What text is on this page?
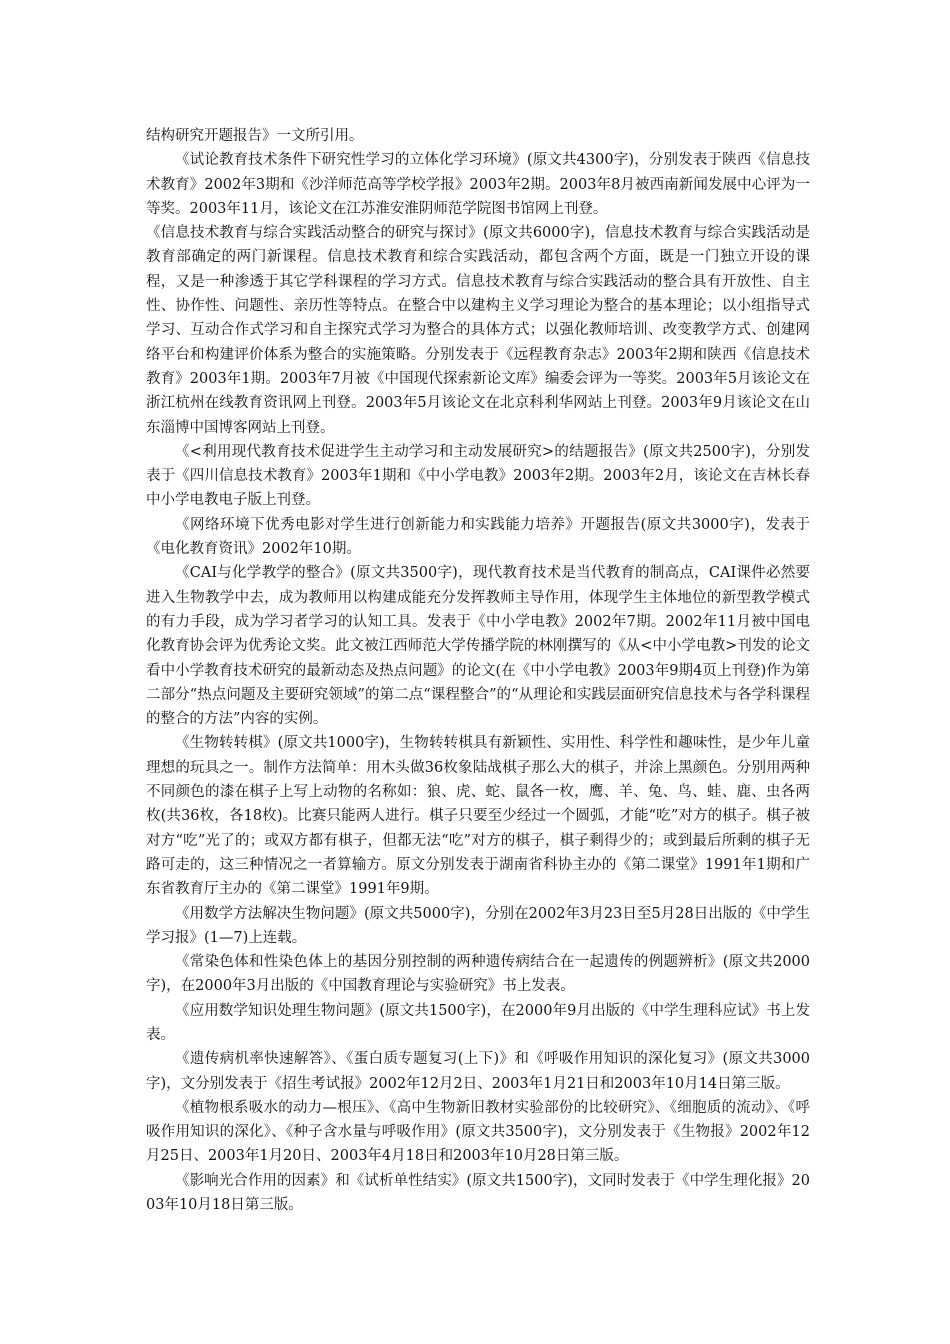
结构研究开题报告》一文所引用。

《试论教育技术条件下研究性学习的立体化学习环境》(原文共4300字)，分别发表于陕西《信息技术教育》2002年3期和《沙洋师范高等学校学报》2003年2期。2003年8月被西南新闻发展中心评为一等奖。2003年11月，该论文在江苏淮安淮阴师范学院图书馆网上刊登。

《信息技术教育与综合实践活动整合的研究与探讨》(原文共6000字)，信息技术教育与综合实践活动是教育部确定的两门新课程。信息技术教育和综合实践活动，都包含两个方面，既是一门独立开设的课程，又是一种渗透于其它学科课程的学习方式。信息技术教育与综合实践活动的整合具有开放性、自主性、协作性、问题性、亲历性等特点。在整合中以建构主义学习理论为整合的基本理论；以小组指导式学习、互动合作式学习和自主探究式学习为整合的具体方式；以强化教师培训、改变教学方式、创建网络平台和构建评价体系为整合的实施策略。分别发表于《远程教育杂志》2003年2期和陕西《信息技术教育》2003年1期。2003年7月被《中国现代探索新论文库》编委会评为一等奖。2003年5月该论文在浙江杭州在线教育资讯网上刊登。2003年5月该论文在北京科利华网站上刊登。2003年9月该论文在山东淄博中国博客网站上刊登。

《<利用现代教育技术促进学生主动学习和主动发展研究>的结题报告》(原文共2500字)，分别发表于《四川信息技术教育》2003年1期和《中小学电教》2003年2期。2003年2月，该论文在吉林长春中小学电教电子版上刊登。

《网络环境下优秀电影对学生进行创新能力和实践能力培养》开题报告(原文共3000字)，发表于《电化教育资讯》2002年10期。

《CAI与化学教学的整合》(原文共3500字)，现代教育技术是当代教育的制高点，CAI课件必然要进入生物教学中去，成为教师用以构建成能充分发挥教师主导作用，体现学生主体地位的新型教学模式的有力手段，成为学习者学习的认知工具。发表于《中小学电教》2002年7期。2002年11月被中国电化教育协会评为优秀论文奖。此文被江西师范大学传播学院的林刚撰写的《从<中小学电教>刊发的论文看中小学教育技术研究的最新动态及热点问题》的论文(在《中小学电教》2003年9期4页上刊登)作为第二部分“热点问题及主要研究领域”的第二点“课程整合”的“从理论和实践层面研究信息技术与各学科课程的整合的方法”内容的实例。

《生物转转棋》(原文共1000字)，生物转转棋具有新颖性、实用性、科学性和趣味性，是少年儿童理想的玩具之一。制作方法简单：用木头做36枚象陆战棋子那么大的棋子，并涂上黑颜色。分别用两种不同颜色的漆在棋子上写上动物的名称如：狼、虎、蛇、鼠各一枚，鹰、羊、兔、鸟、蛙、鹿、虫各两枚(共36枚，各18枚)。比赛只能两人进行。棋子只要至少经过一个圆弧，才能“吃”对方的棋子。棋子被对方“吃”光了的；或双方都有棋子，但都无法“吃”对方的棋子，棋子剩得少的；或到最后所剩的棋子无路可走的，这三种情况之一者算输方。原文分别发表于湖南省科协主办的《第二课堂》1991年1期和广东省教育厅主办的《第二课堂》1991年9期。

《用数学方法解决生物问题》(原文共5000字)，分别在2002年3月23日至5月28日出版的《中学生学习报》(1—7)上连载。

《常染色体和性染色体上的基因分别控制的两种遗传病结合在一起遗传的例题辨析》(原文共2000字)，在2000年3月出版的《中国教育理论与实验研究》书上发表。

《应用数学知识处理生物问题》(原文共1500字)，在2000年9月出版的《中学生理科应试》书上发表。

《遗传病机率快速解答》、《蛋白质专题复习(上下)》和《呼吸作用知识的深化复习》(原文共3000字)，文分别发表于《招生考试报》2002年12月2日、2003年1月21日和2003年10月14日第三版。

《植物根系吸水的动力—根压》、《高中生物新旧教材实验部份的比较研究》、《细胞质的流动》、《呼吸作用知识的深化》、《种子含水量与呼吸作用》(原文共3500字)，文分别发表于《生物报》2002年12月25日、2003年1月20日、2003年4月18日和2003年10月28日第三版。

《影响光合作用的因素》和《试析单性结实》(原文共1500字)，文同时发表于《中学生理化报》2003年10月18日第三版。
